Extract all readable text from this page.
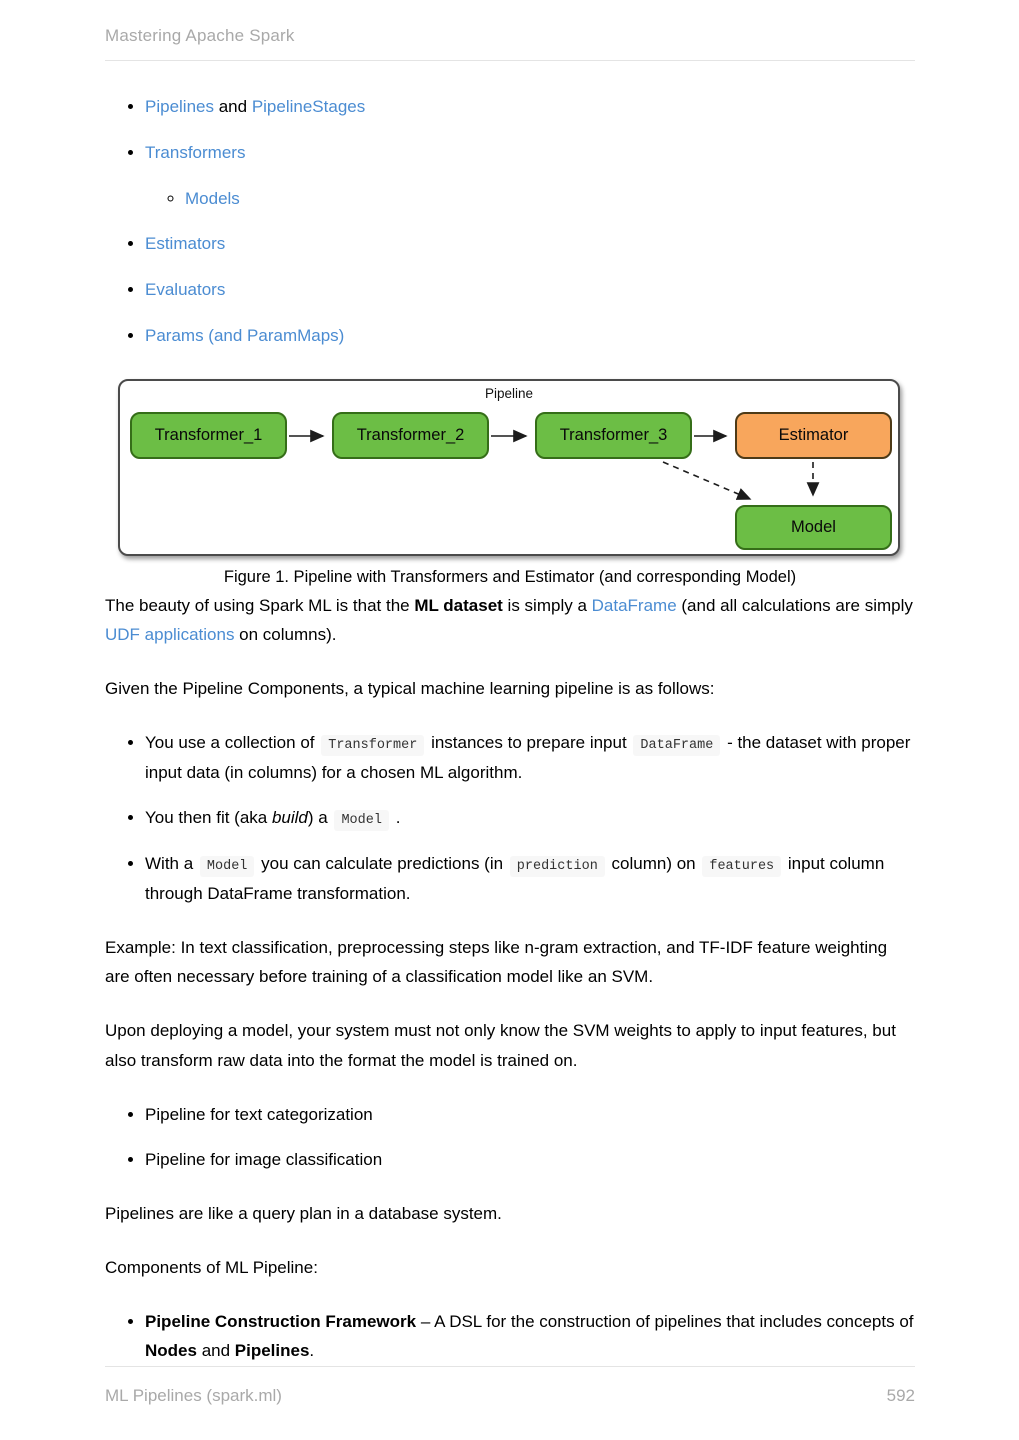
Mastering Apache Spark
• Pipelines and PipelineStages
• Transformers
◦ Models
• Estimators
• Evaluators
• Params (and ParamMaps)
Pipeline
Transformer_1	Transformer_2	Transformer_3	Estimator
Model
Figure 1. Pipeline with Transformers and Estimator (and corresponding Model)

The beauty of using Spark ML is that the ML dataset is simply a DataFrame (and all calculations are simply UDF applications on columns).

Given the Pipeline Components, a typical machine learning pipeline is as follows:

• You use a collection of Transformer instances to prepare input DataFrame - the dataset with proper input data (in columns) for a chosen ML algorithm.
• You then fit (aka build) a Model .
• With a Model you can calculate predictions (in prediction column) on features input column through DataFrame transformation.

Example: In text classification, preprocessing steps like n-gram extraction, and TF-IDF feature weighting are often necessary before training of a classification model like an SVM.

Upon deploying a model, your system must not only know the SVM weights to apply to input features, but also transform raw data into the format the model is trained on.

• Pipeline for text categorization
• Pipeline for image classification

Pipelines are like a query plan in a database system.

Components of ML Pipeline:

• Pipeline Construction Framework – A DSL for the construction of pipelines that includes concepts of Nodes and Pipelines.
ML Pipelines (spark.ml)	592
